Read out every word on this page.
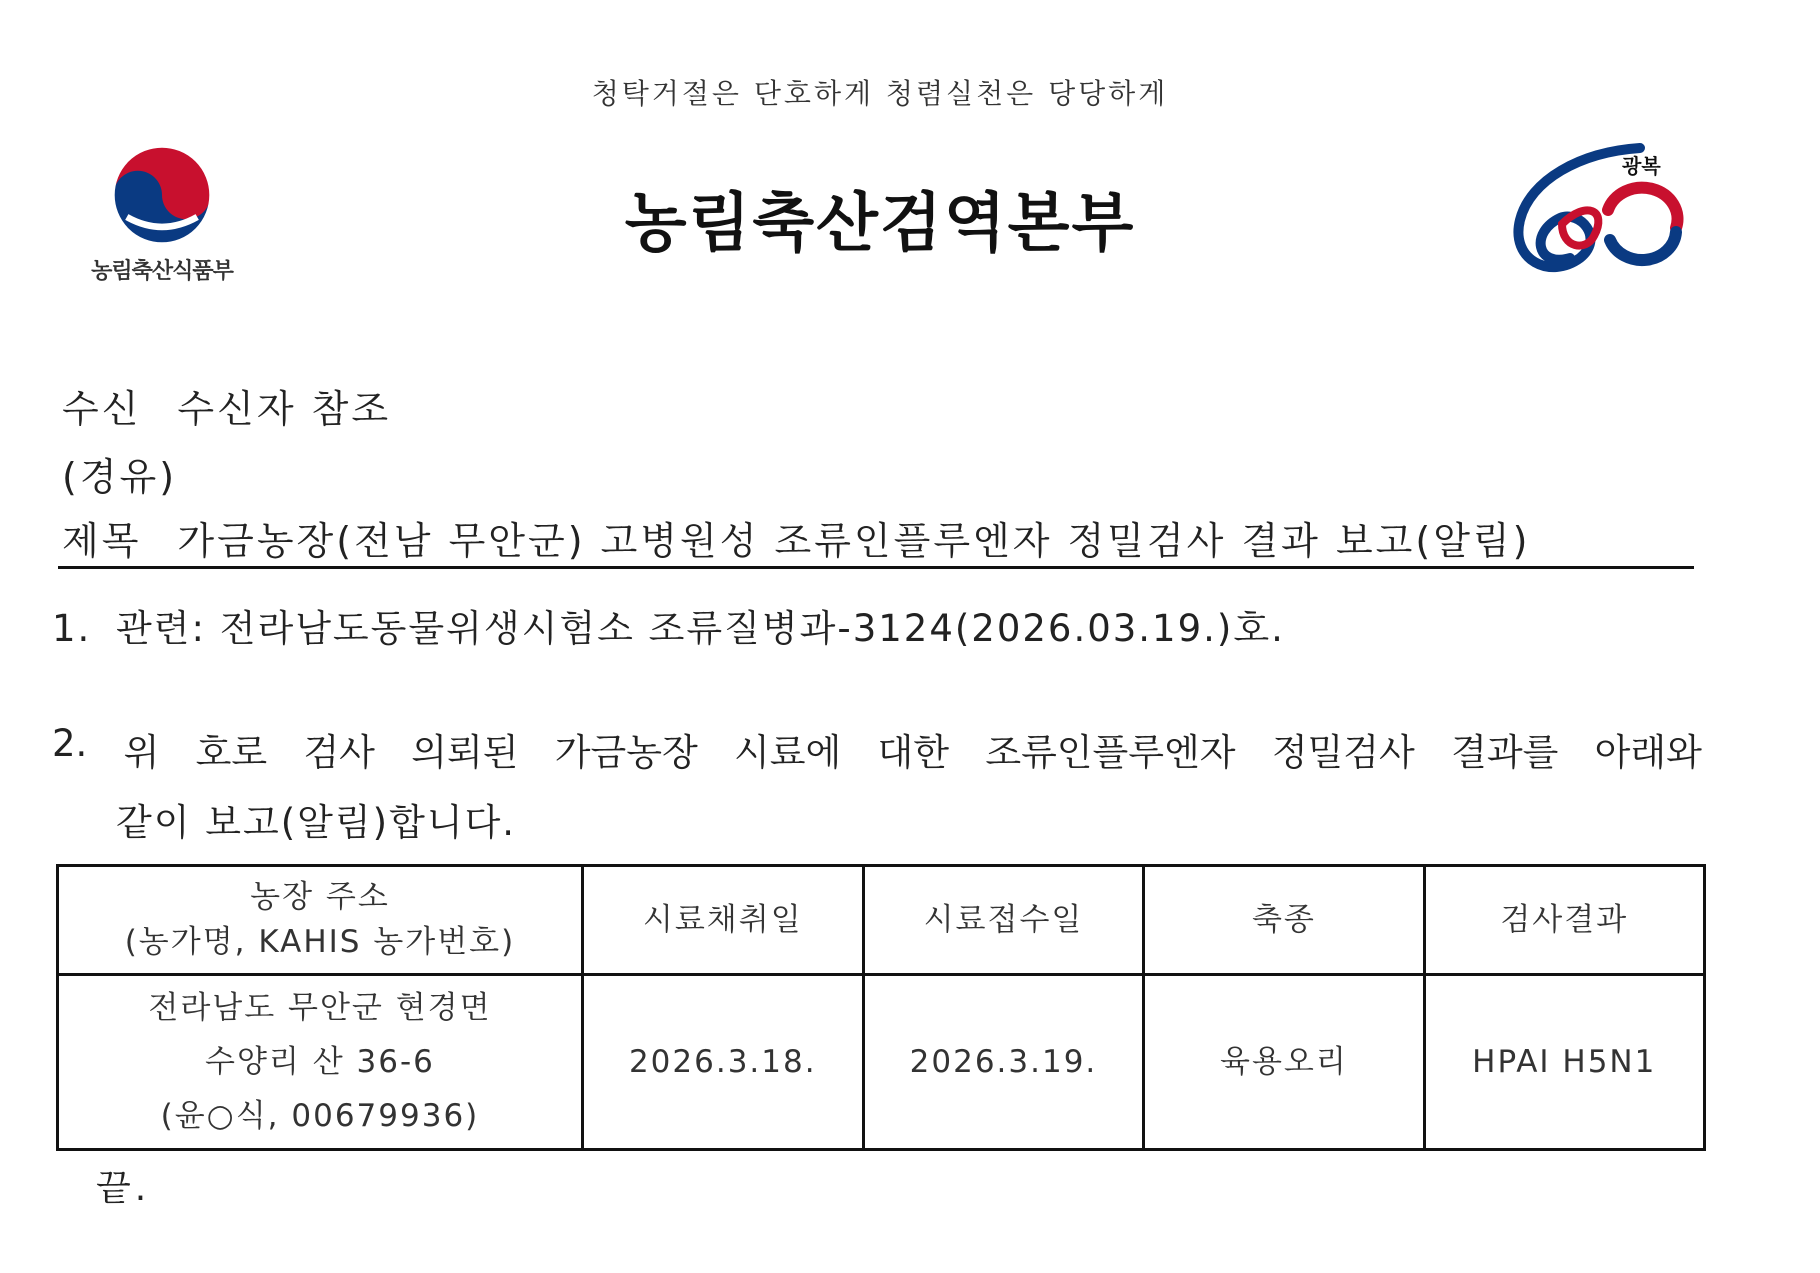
청탁거절은 단호하게 청렴실천은 당당하게
농림축산식품부
농림축산검역본부
광복
수신 수신자 참조
(경유)
제목 가금농장(전남 무안군) 고병원성 조류인플루엔자 정밀검사 결과 보고(알림)
1. 관련: 전라남도동물위생시험소 조류질병과-3124(2026.03.19.)호.
2. 위 호로 검사 의뢰된 가금농장 시료에 대한 조류인플루엔자 정밀검사 결과를 아래와
같이 보고(알림)합니다.
농장 주소
(농가명, KAHIS 농가번호)	시료채취일	시료접수일	축종	검사결과

전라남도 무안군 현경면
수양리 산 36-6
(윤○식, 00679936)	2026.3.18.	2026.3.19.	육용오리	HPAI H5N1
끝.
